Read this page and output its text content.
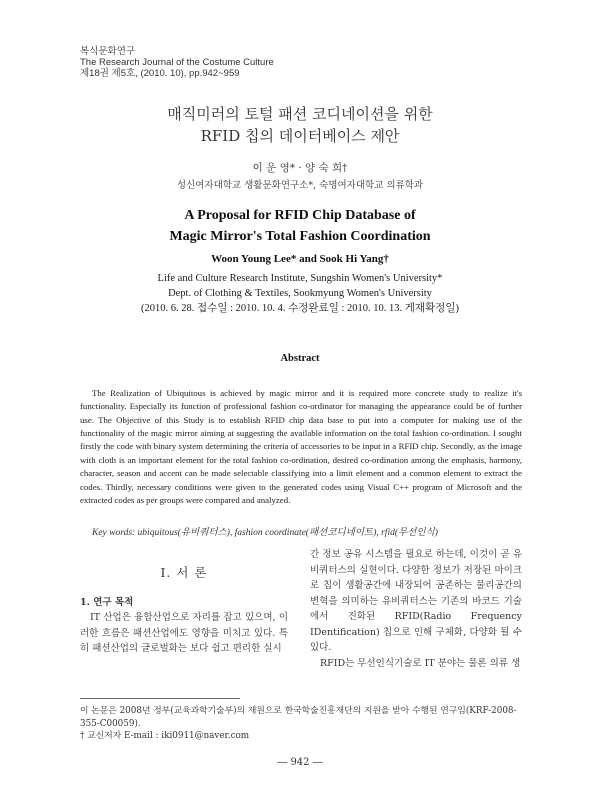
복식문화연구
The Research Journal of the Costume Culture
제18권 제5호, (2010. 10), pp.942~959
매직미러의 토털 패션 코디네이션을 위한
RFID 칩의 데이터베이스 제안
이 운 영* · 양 숙 희†
성신여자대학교 생활문화연구소*, 숙명여자대학교 의류학과
A Proposal for RFID Chip Database of
Magic Mirror's Total Fashion Coordination
Woon Young Lee* and Sook Hi Yang†
Life and Culture Research Institute, Sungshin Women's University*
Dept. of Clothing & Textiles, Sookmyung Women's University
(2010. 6. 28. 접수일 : 2010. 10. 4. 수정완료일 : 2010. 10. 13. 게재확정일)
Abstract

The Realization of Ubiquitous is achieved by magic mirror and it is required more concrete study to realize it's functionality. Especially its function of professional fashion co-ordinator for managing the appearance could be of further use. The Objective of this Study is to establish RFID chip data base to put into a computer for making use of the functionality of the magic mirror aiming at suggesting the available information on the total fashion co-ordination. I sought firstly the code with binary system determining the criteria of accessories to be input in a RFID chip. Secondly, as the image with cloth is an important element for the total fashion co-ordination, desired co-ordination among the emphasis, harmony, character, season and accent can be made selectable classifying into a limit element and a common element to extract the codes. Thirdly, necessary conditions were given to the generated codes using Visual C++ program of Microsoft and the extracted codes as per groups were compared and analyzed.

Key words: ubiquitous(유비쿼터스), fashion coordinate(패션코디네이트), rfid(무선인식)
Ⅰ. 서 론

1. 연구 목적

IT 산업은 융합산업으로 자리를 잡고 있으며, 이러한 흐름은 패션산업에도 영향을 미치고 있다. 특히 패션산업의 글로벌화는 보다 쉽고 편리한 실시

간 정보 공유 시스템을 필요로 하는데, 이것이 곧 유비쿼터스의 실현이다. 다양한 정보가 저장된 마이크로 칩이 생활공간에 내장되어 공존하는 물리공간의 변혁을 의미하는 유비쿼터스는 기존의 바코드 기술에서 진화된 RFID(Radio Frequency IDentification) 칩으로 인해 구체화, 다양화 될 수 있다.

RFID는 무선인식기술로 IT 분야는 물론 의류 생

이 논문은 2008년 정부(교육과학기술부)의 재원으로 한국학술진흥재단의 지원을 받아 수행된 연구임(KRF-2008-355-C00059).

† 교신저자 E-mail : iki0911@naver.com

― 942 ―
